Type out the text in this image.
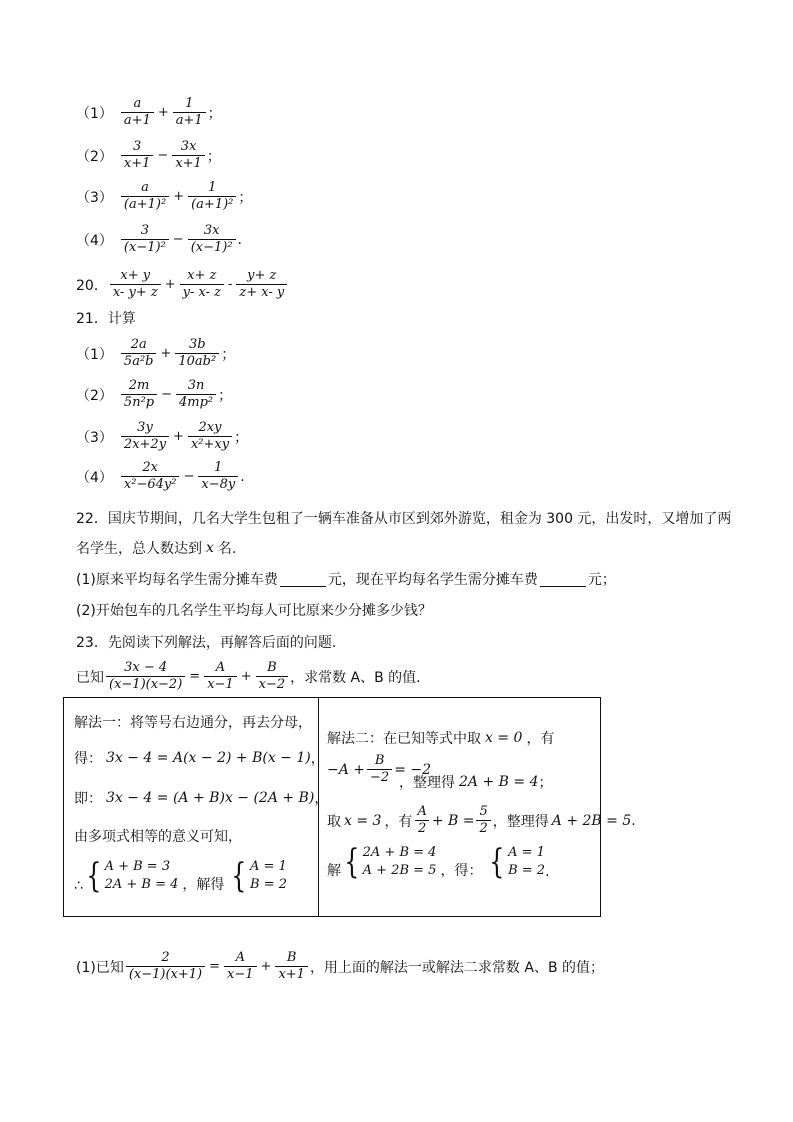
$(1) \frac{a}{a+1} + \frac{1}{a+1}$ ；
$(2) \frac{3}{x+1} - \frac{3x}{x+1}$ ；
$(3) \frac{a}{\text{(a+1)²}} + \frac{1}{\text{(a+1)²}}$ ；
$(4) \frac{3}{\text{(x−1)²}} - \frac{3x}{\text{(x−1)²}}$ .
20． $\frac{x+ y}{x- y+ z} + \frac{x+ z}{y- x- z} - \frac{y+ z}{z+ x- y}$
21．计算
$(1) \frac{2a}{\text{5a²b}} + \frac{3b}{\text{10ab²}}$ ；
$(2) \frac{2m}{\text{5n²p}} - \frac{3n}{\text{4mp²}}$ ；
$(3) \frac{3y}{2x+2y} + \frac{2xy}{\text{x²+xy}}$ ；
$(4) \frac{2x}{\text{x²−64y²}} - \frac{1}{x-8y}$ .
22．国庆节期间，几名大学生包租了一辆车准备从市区到郊外游览，租金为 300 元，出发时，又增加了两
名学生，总人数达到 x 名.
(1)原来平均每名学生需分摊车费	元，现在平均每名学生需分摊车费	元；
(2)开始包车的几名学生平均每人可比原来少分摊多少钱？
23．先阅读下列解法，再解答后面的问题．
已知 $\frac{3x - 4}{(x-1)(x-2)} = \frac{A}{x-1} + \frac{B}{x-2}$ ，求常数 A、B 的值.
解法一：将等号右边通分，再去分母，
得： 3x − 4 = A(x − 2) + B(x − 1) ，
即： 3x − 4 = (A + B)x − (2A + B) ，
由多项式相等的意义可知，
∴ { A + B = 3
2A + B = 4 ，解得 { A = 1
B = 2

解法二：在已知等式中取 x = 0 ，有
$-A + \frac{B}{-2} = -2$
，整理得 2A + B = 4 ；
取 x = 3 ，有 $\frac{A}{2} + B = \frac{5}{2}$ ，整理得 A + 2B = 5 .
解 { 2A + B = 4
A + 2B = 5 ，得： { A = 1
B = 2 .
(1)已知 $\frac{2}{(x-1)(x+1)} = \frac{A}{x-1} + \frac{B}{x+1}$ ，用上面的解法一或解法二求常数 A、B 的值；
